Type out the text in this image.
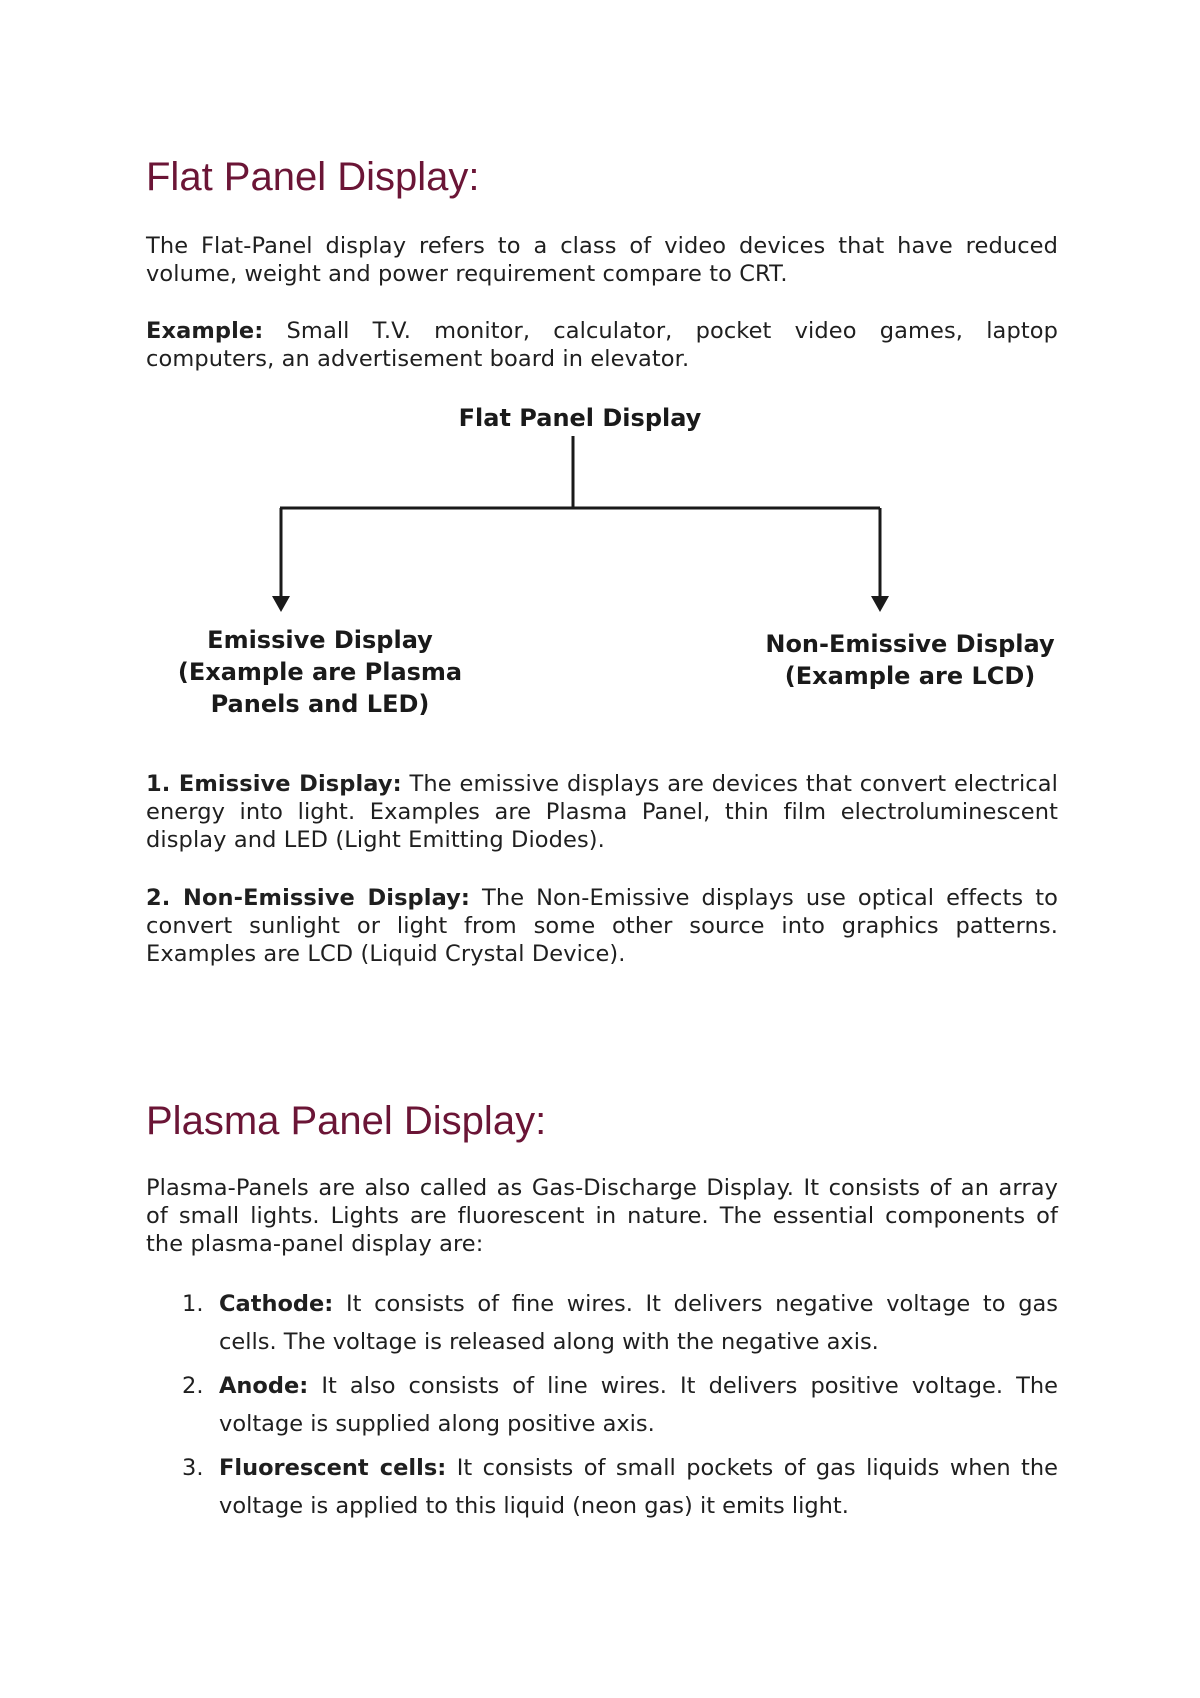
Flat Panel Display:

The Flat-Panel display refers to a class of video devices that have reduced volume, weight and power requirement compare to CRT.

Example: Small T.V. monitor, calculator, pocket video games, laptop computers, an advertisement board in elevator.

Flat Panel Display
Emissive Display
(Example are Plasma
Panels and LED)
Non-Emissive Display
(Example are LCD)

1. Emissive Display: The emissive displays are devices that convert electrical energy into light. Examples are Plasma Panel, thin film electroluminescent display and LED (Light Emitting Diodes).

2. Non-Emissive Display: The Non-Emissive displays use optical effects to convert sunlight or light from some other source into graphics patterns. Examples are LCD (Liquid Crystal Device).

Plasma Panel Display:

Plasma-Panels are also called as Gas-Discharge Display. It consists of an array of small lights. Lights are fluorescent in nature. The essential components of the plasma-panel display are:

1. Cathode: It consists of fine wires. It delivers negative voltage to gas cells. The voltage is released along with the negative axis.
2. Anode: It also consists of line wires. It delivers positive voltage. The voltage is supplied along positive axis.
3. Fluorescent cells: It consists of small pockets of gas liquids when the voltage is applied to this liquid (neon gas) it emits light.
